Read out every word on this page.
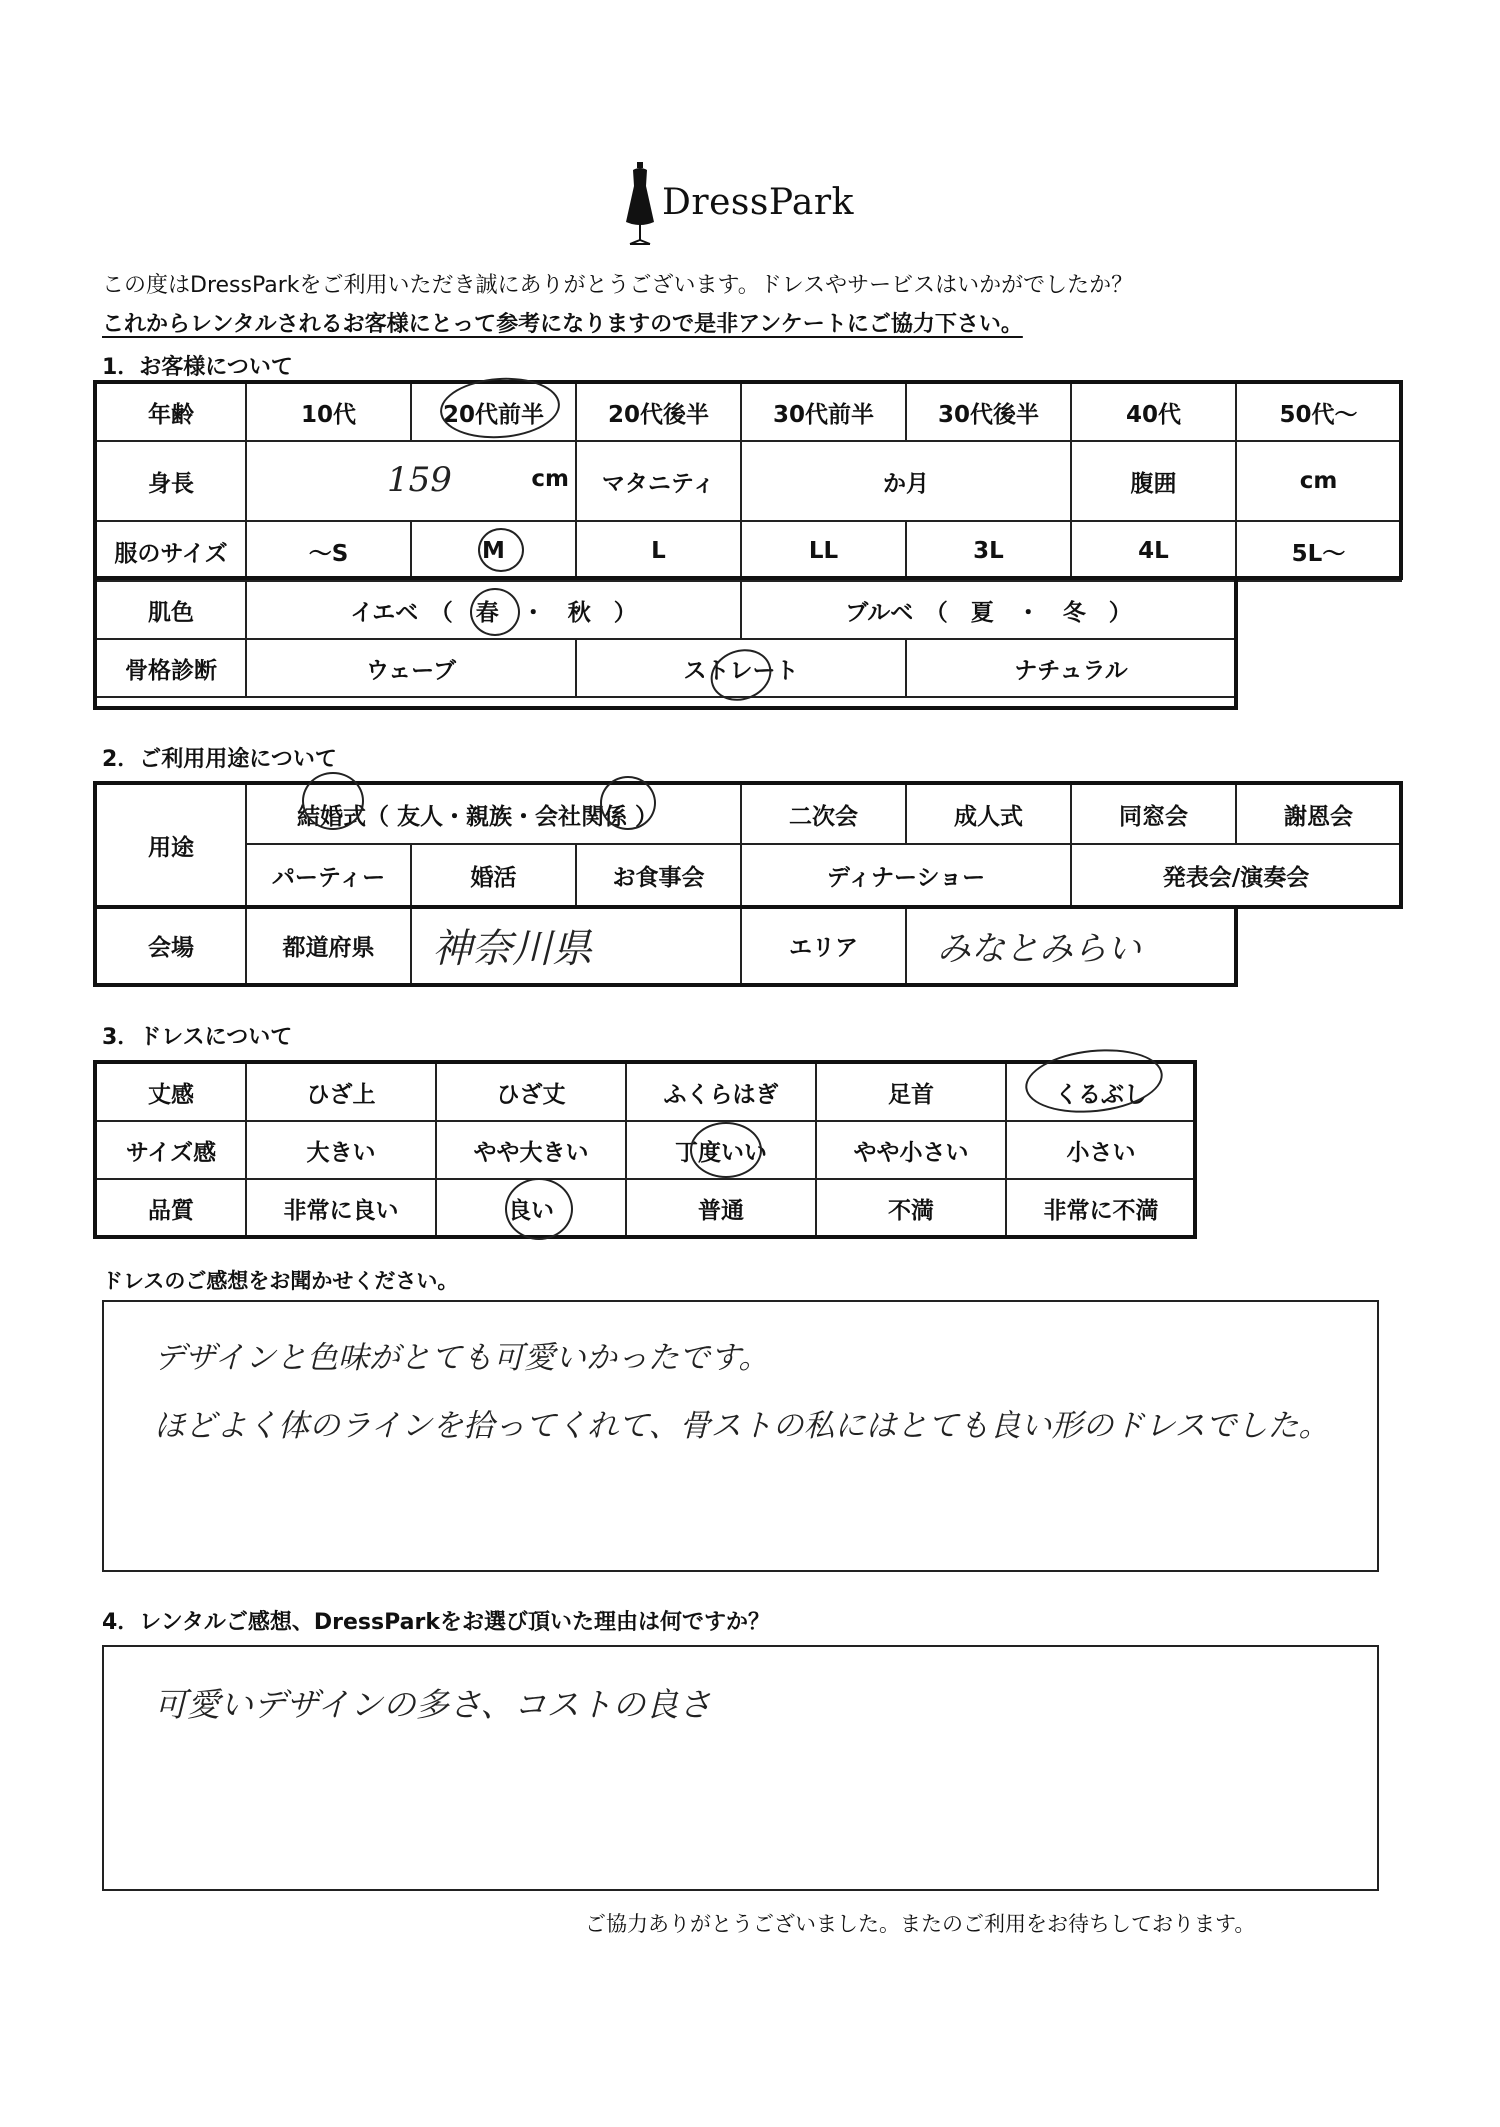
DressPark
この度はDressParkをご利用いただき誠にありがとうございます。ドレスやサービスはいかがでしたか？
これからレンタルされるお客様にとって参考になりますので是非アンケートにご協力下さい。
1．お客様について
年齢	10代	20代前半	20代後半	30代前半	30代後半	40代	50代～
身長	159 cm		マタニティ	か月		腹囲	cm
服のサイズ	～S	M	L	LL	3L	4L	5L～
肌色	イエベ　（　春　・　秋　）			ブルベ　（　夏　・　冬　）			
骨格診断	ウェーブ		ストレート		ナチュラル		
2．ご利用用途について
用途	結婚式（ 友人・親族・会社関係 ）			二次会	成人式	同窓会	謝恩会
	パーティー	婚活	お食事会	ディナーショー		発表会/演奏会	
会場	都道府県	神奈川県		エリア	みなとみらい		
3．ドレスについて
丈感	ひざ上	ひざ丈	ふくらはぎ	足首	くるぶし
サイズ感	大きい	やや大きい	丁度いい	やや小さい	小さい
品質	非常に良い	良い	普通	不満	非常に不満
ドレスのご感想をお聞かせください。
デザインと色味がとても可愛いかったです。
ほどよく体のラインを拾ってくれて、骨ストの私にはとても良い形のドレスでした。
4．レンタルご感想、DressParkをお選び頂いた理由は何ですか？
可愛いデザインの多さ、コストの良さ
ご協力ありがとうございました。またのご利用をお待ちしております。
